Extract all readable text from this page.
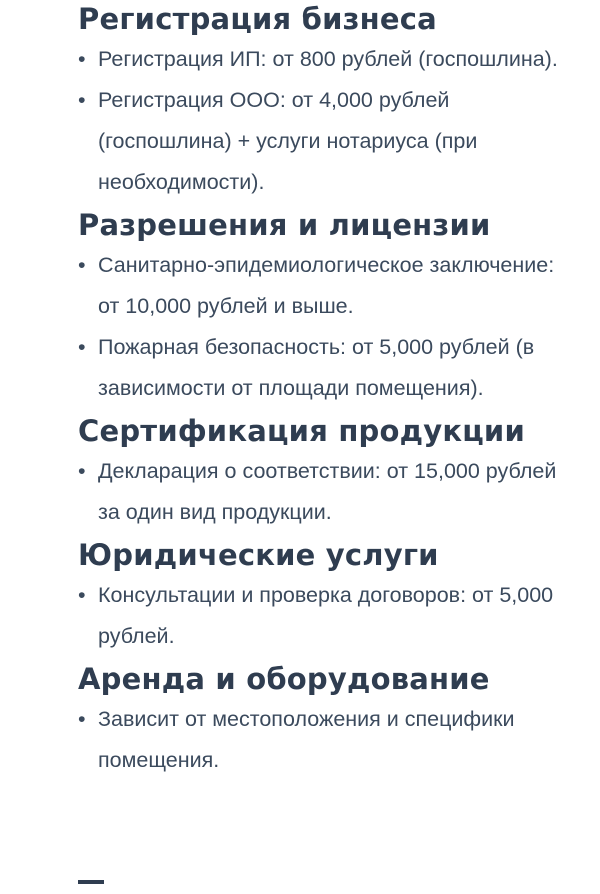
Регистрация бизнеса
• Регистрация ИП: от 800 рублей (госпошлина).
• Регистрация ООО: от 4,000 рублей (госпошлина) + услуги нотариуса (при необходимости).
Разрешения и лицензии
• Санитарно-эпидемиологическое заключение: от 10,000 рублей и выше.
• Пожарная безопасность: от 5,000 рублей (в зависимости от площади помещения).
Сертификация продукции
• Декларация о соответствии: от 15,000 рублей за один вид продукции.
Юридические услуги
• Консультации и проверка договоров: от 5,000 рублей.
Аренда и оборудование
• Зависит от местоположения и специфики помещения.
